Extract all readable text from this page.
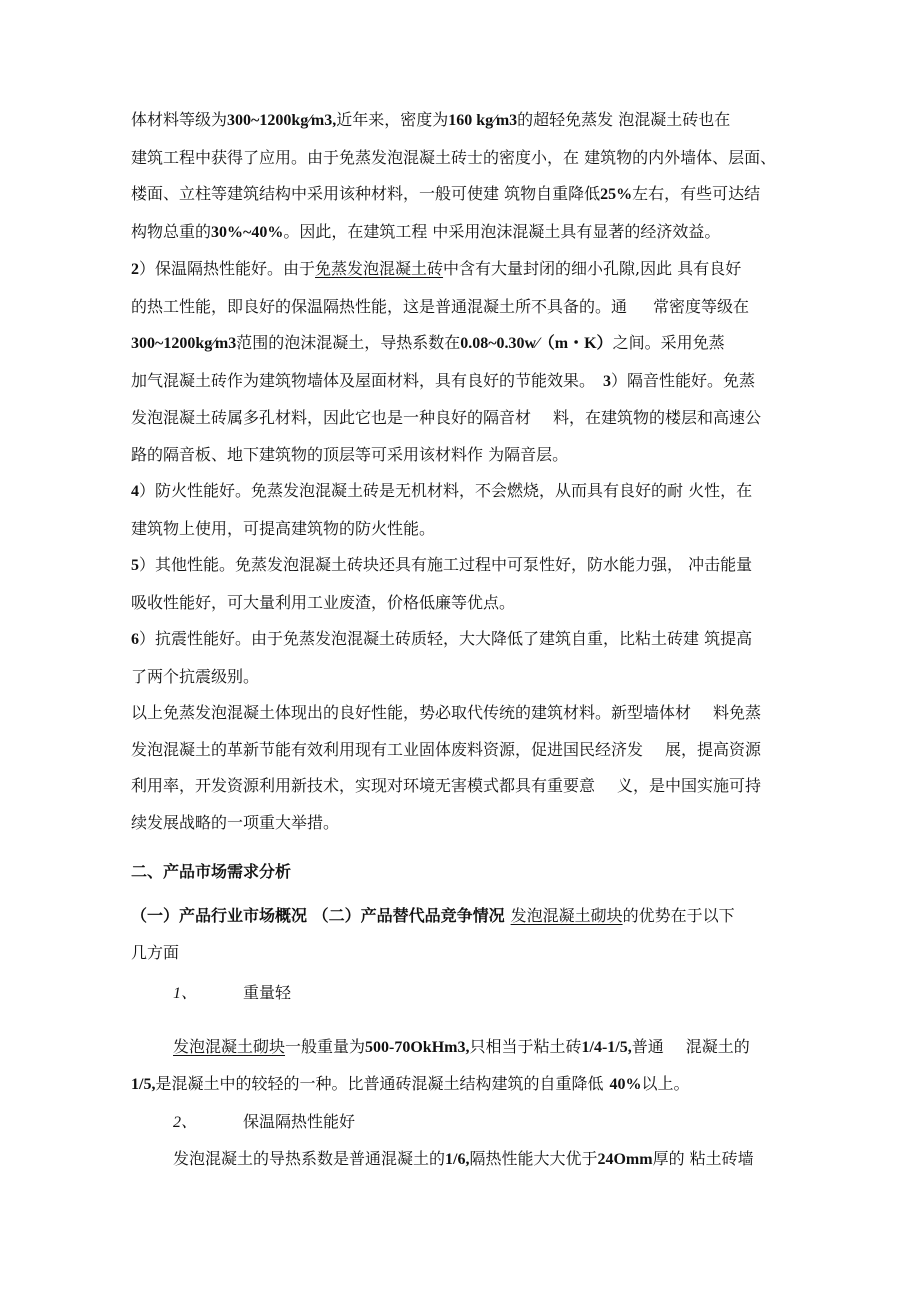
体材料等级为300~1200kg∕m3,近年来，密度为160 kg∕m3的超轻免蒸发 泡混凝土砖也在

建筑工程中获得了应用。由于免蒸发泡混凝土砖士的密度小，在 建筑物的内外墙体、层面、

楼面、立柱等建筑结构中采用该种材料，一般可使建 筑物自重降低25%左右，有些可达结

构物总重的30%~40%。因此，在建筑工程 中采用泡沫混凝土具有显著的经济效益。

2）保温隔热性能好。由于免蒸发泡混凝土砖中含有大量封闭的细小孔隙,因此 具有良好

的热工性能，即良好的保温隔热性能，这是普通混凝土所不具备的。通 常密度等级在

300~1200kg∕m3范围的泡沫混凝土，导热系数在0.08~0.30w∕（m・K）之间。采用免蒸

加气混凝土砖作为建筑物墙体及屋面材料，具有良好的节能效果。 3）隔音性能好。免蒸

发泡混凝土砖属多孔材料，因此它也是一种良好的隔音材 料，在建筑物的楼层和高速公

路的隔音板、地下建筑物的顶层等可采用该材料作 为隔音层。

4）防火性能好。免蒸发泡混凝土砖是无机材料，不会燃烧，从而具有良好的耐 火性，在

建筑物上使用，可提高建筑物的防火性能。

5）其他性能。免蒸发泡混凝土砖块还具有施工过程中可泵性好，防水能力强， 冲击能量

吸收性能好，可大量利用工业废渣，价格低廉等优点。

6）抗震性能好。由于免蒸发泡混凝土砖质轻，大大降低了建筑自重，比粘土砖建 筑提高

了两个抗震级别。

以上免蒸发泡混凝土体现出的良好性能，势必取代传统的建筑材料。新型墙体材 料免蒸

发泡混凝土的革新节能有效利用现有工业固体废料资源，促进国民经济发 展，提高资源

利用率，开发资源利用新技术，实现对环境无害模式都具有重要意 义，是中国实施可持

续发展战略的一项重大举措。

二、产品市场需求分析

（一）产品行业市场概况 （二）产品替代品竞争情况 发泡混凝土砌块的优势在于以下

几方面

1、	重量轻

发泡混凝土砌块一般重量为500-70OkHm3,只相当于粘土砖1/4-1/5,普通 混凝土的

1/5,是混凝土中的较轻的一种。比普通砖混凝土结构建筑的自重降低 40%以上。

2、	保温隔热性能好

发泡混凝土的导热系数是普通混凝土的1/6,隔热性能大大优于24Omm厚的 粘土砖墙
